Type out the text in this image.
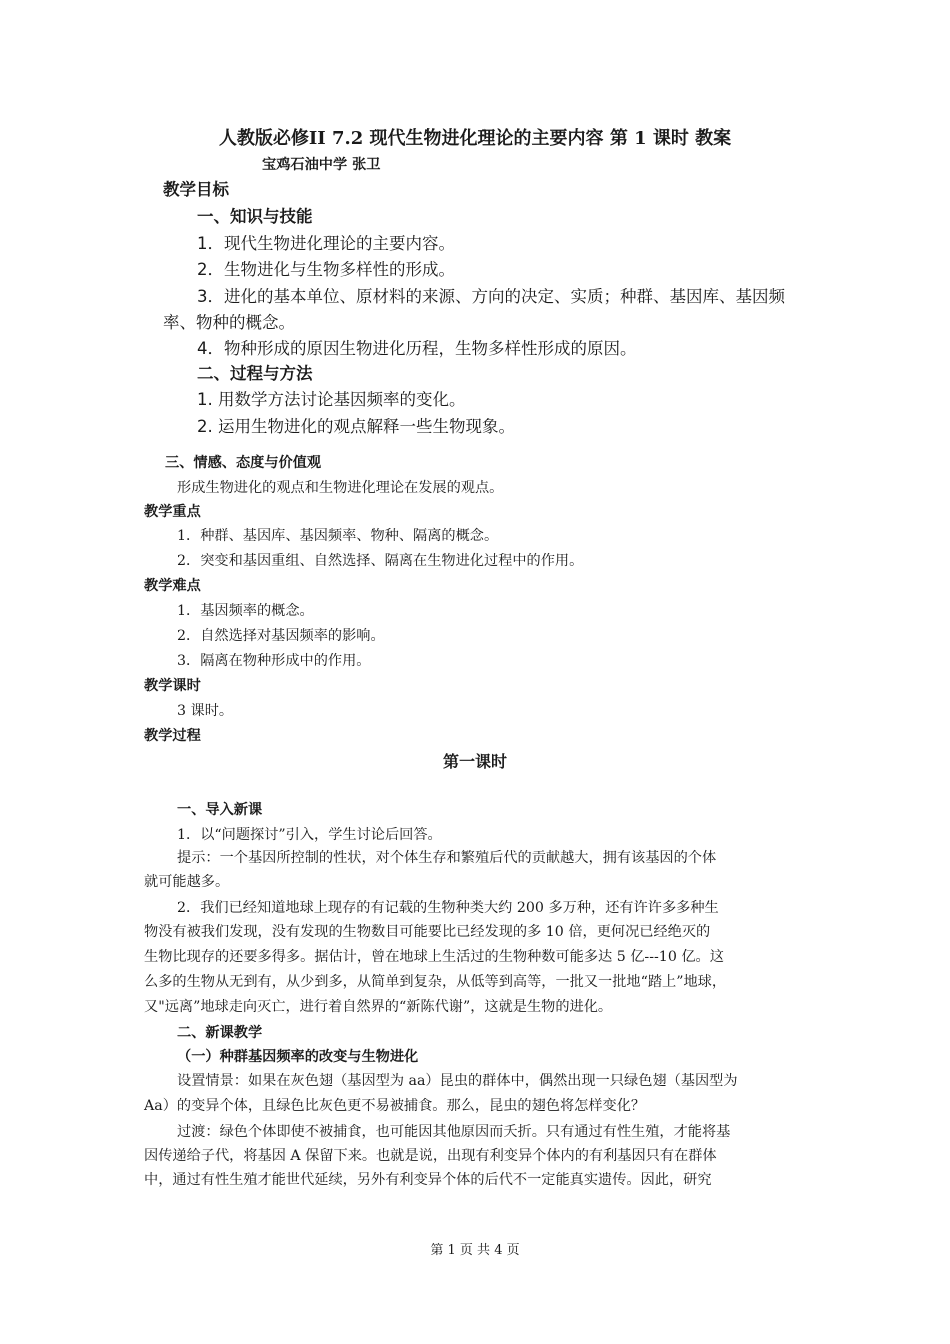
人教版必修II 7.2 现代生物进化理论的主要内容 第 1 课时 教案
宝鸡石油中学 张卫
教学目标
一、知识与技能
1．现代生物进化理论的主要内容。
2．生物进化与生物多样性的形成。
3．进化的基本单位、原材料的来源、方向的决定、实质；种群、基因库、基因频
率、物种的概念。
4．物种形成的原因生物进化历程，生物多样性形成的原因。
二、过程与方法
1. 用数学方法讨论基因频率的变化。
2. 运用生物进化的观点解释一些生物现象。
三、情感、态度与价值观
形成生物进化的观点和生物进化理论在发展的观点。
教学重点
1．种群、基因库、基因频率、物种、隔离的概念。
2．突变和基因重组、自然选择、隔离在生物进化过程中的作用。
教学难点
1．基因频率的概念。
2．自然选择对基因频率的影响。
3．隔离在物种形成中的作用。
教学课时
3 课时。
教学过程
第一课时
一、导入新课
1．以“问题探讨”引入，学生讨论后回答。
提示：一个基因所控制的性状，对个体生存和繁殖后代的贡献越大，拥有该基因的个体
就可能越多。
2．我们已经知道地球上现存的有记载的生物种类大约 200 多万种，还有许许多多种生
物没有被我们发现，没有发现的生物数目可能要比已经发现的多 10 倍，更何况已经绝灭的
生物比现存的还要多得多。据估计，曾在地球上生活过的生物种数可能多达 5 亿---10 亿。这
么多的生物从无到有，从少到多，从简单到复杂，从低等到高等，一批又一批地“踏上”地球，
又"远离”地球走向灭亡，进行着自然界的“新陈代谢”，这就是生物的进化。
二、新课教学
（一）种群基因频率的改变与生物进化
设置情景：如果在灰色翅（基因型为 aa）昆虫的群体中，偶然出现一只绿色翅（基因型为
Aa）的变异个体，且绿色比灰色更不易被捕食。那么，昆虫的翅色将怎样变化？
过渡：绿色个体即使不被捕食，也可能因其他原因而夭折。只有通过有性生殖，才能将基
因传递给子代，将基因 A 保留下来。也就是说，出现有利变异个体内的有利基因只有在群体
中，通过有性生殖才能世代延续，另外有利变异个体的后代不一定能真实遗传。因此，研究
第 1 页 共 4 页
